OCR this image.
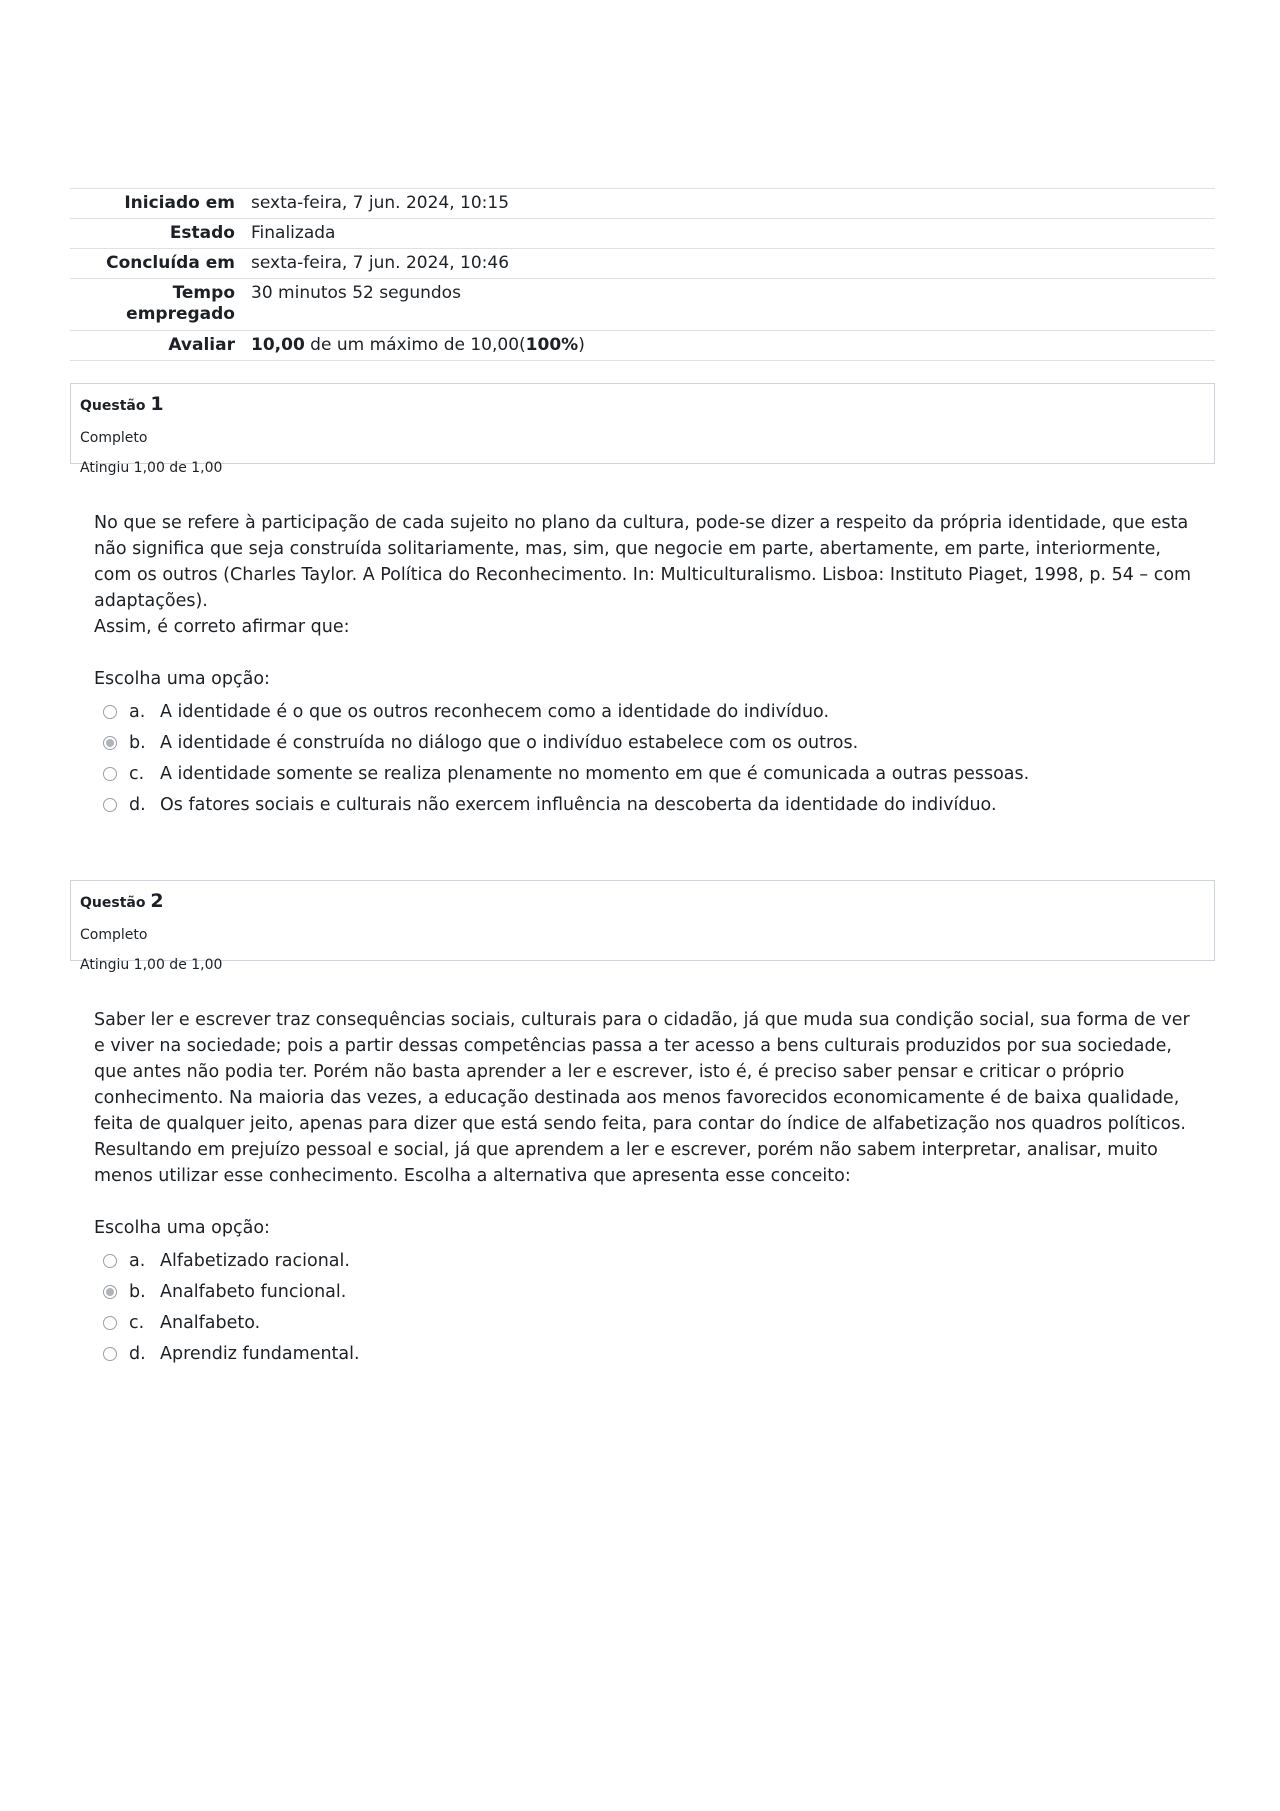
Iniciado em	sexta-feira, 7 jun. 2024, 10:15
Estado	Finalizada
Concluída em	sexta-feira, 7 jun. 2024, 10:46
Tempo empregado	30 minutos 52 segundos
Avaliar	10,00 de um máximo de 10,00(100%)
Questão 1
Completo
Atingiu 1,00 de 1,00

No que se refere à participação de cada sujeito no plano da cultura, pode-se dizer a respeito da própria identidade, que esta não significa que seja construída solitariamente, mas, sim, que negocie em parte, abertamente, em parte, interiormente, com os outros (Charles Taylor. A Política do Reconhecimento. In: Multiculturalismo. Lisboa: Instituto Piaget, 1998, p. 54 – com adaptações).

Assim, é correto afirmar que:

Escolha uma opção:
a. A identidade é o que os outros reconhecem como a identidade do indivíduo.
b. A identidade é construída no diálogo que o indivíduo estabelece com os outros.
c. A identidade somente se realiza plenamente no momento em que é comunicada a outras pessoas.
d. Os fatores sociais e culturais não exercem influência na descoberta da identidade do indivíduo.
Questão 2
Completo
Atingiu 1,00 de 1,00

Saber ler e escrever traz consequências sociais, culturais para o cidadão, já que muda sua condição social, sua forma de ver e viver na sociedade; pois a partir dessas competências passa a ter acesso a bens culturais produzidos por sua sociedade, que antes não podia ter. Porém não basta aprender a ler e escrever, isto é, é preciso saber pensar e criticar o próprio conhecimento. Na maioria das vezes, a educação destinada aos menos favorecidos economicamente é de baixa qualidade, feita de qualquer jeito, apenas para dizer que está sendo feita, para contar do índice de alfabetização nos quadros políticos. Resultando em prejuízo pessoal e social, já que aprendem a ler e escrever, porém não sabem interpretar, analisar, muito menos utilizar esse conhecimento. Escolha a alternativa que apresenta esse conceito:

Escolha uma opção:
a. Alfabetizado racional.
b. Analfabeto funcional.
c. Analfabeto.
d. Aprendiz fundamental.
